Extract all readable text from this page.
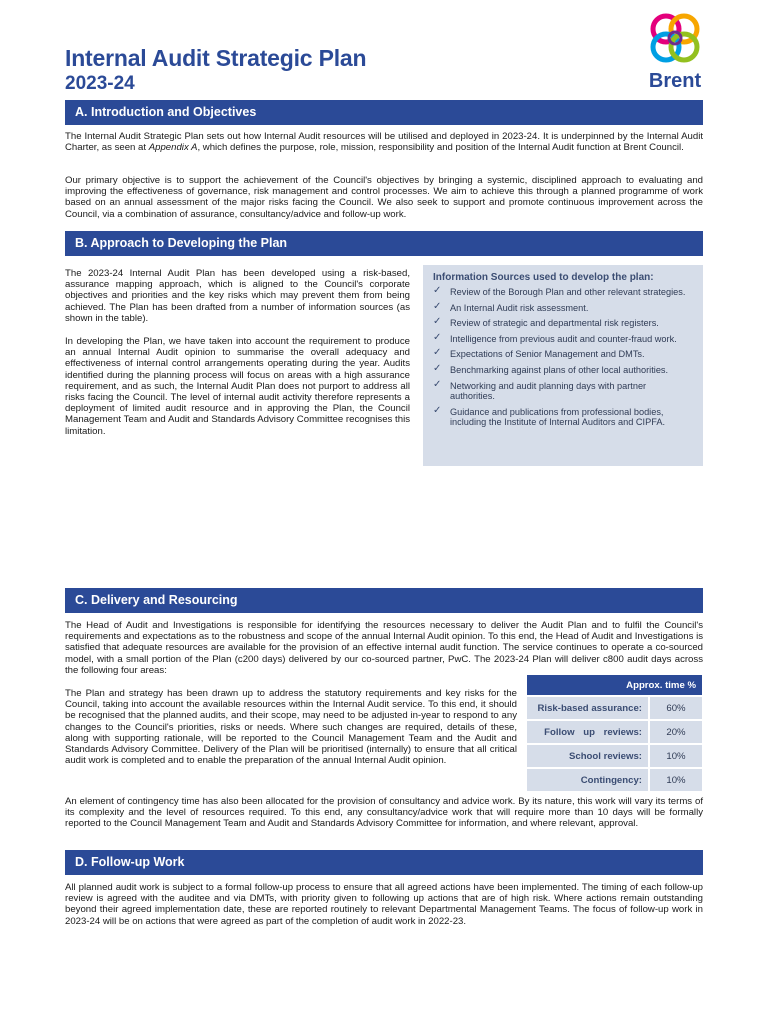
Internal Audit Strategic Plan
2023-24	Brent
A. Introduction and Objectives
The Internal Audit Strategic Plan sets out how Internal Audit resources will be utilised and deployed in 2023-24. It is underpinned by the Internal Audit Charter, as seen at Appendix A, which defines the purpose, role, mission, responsibility and position of the Internal Audit function at Brent Council.
Our primary objective is to support the achievement of the Council's objectives by bringing a systemic, disciplined approach to evaluating and improving the effectiveness of governance, risk management and control processes. We aim to achieve this through a planned programme of work based on an annual assessment of the major risks facing the Council. We also seek to support and promote continuous improvement across the Council, via a combination of assurance, consultancy/advice and follow-up work.
B. Approach to Developing the Plan
The 2023-24 Internal Audit Plan has been developed using a risk-based, assurance mapping approach, which is aligned to the Council's corporate objectives and priorities and the key risks which may prevent them from being achieved. The Plan has been drafted from a number of information sources (as shown in the table).
In developing the Plan, we have taken into account the requirement to produce an annual Internal Audit opinion to summarise the overall adequacy and effectiveness of internal control arrangements operating during the year. Audits identified during the planning process will focus on areas with a high assurance requirement, and as such, the Internal Audit Plan does not purport to address all risks facing the Council. The level of internal audit activity therefore represents a deployment of limited audit resource and in approving the Plan, the Council Management Team and Audit and Standards Advisory Committee recognises this limitation.
Information Sources used to develop the plan:
✓ Review of the Borough Plan and other relevant strategies.
✓ An Internal Audit risk assessment.
✓ Review of strategic and departmental risk registers.
✓ Intelligence from previous audit and counter-fraud work.
✓ Expectations of Senior Management and DMTs.
✓ Benchmarking against plans of other local authorities.
✓ Networking and audit planning days with partner authorities.
✓ Guidance and publications from professional bodies, including the Institute of Internal Auditors and CIPFA.
C. Delivery and Resourcing
The Head of Audit and Investigations is responsible for identifying the resources necessary to deliver the Audit Plan and to fulfil the Council's requirements and expectations as to the robustness and scope of the annual Internal Audit opinion. To this end, the Head of Audit and Investigations is satisfied that adequate resources are available for the provision of an effective internal audit function. The service continues to operate a co-sourced model, with a small portion of the Plan (c200 days) delivered by our co-sourced partner, PwC. The 2023-24 Plan will deliver c800 audit days across the following four areas:
The Plan and strategy has been drawn up to address the statutory requirements and key risks for the Council, taking into account the available resources within the Internal Audit service. To this end, it should be recognised that the planned audits, and their scope, may need to be adjusted in-year to respond to any changes to the Council's priorities, risks or needs. Where such changes are required, details of these, along with supporting rationale, will be reported to the Council Management Team and the Audit and Standards Advisory Committee. Delivery of the Plan will be prioritised (internally) to ensure that all critical audit work is completed and to enable the preparation of the annual Internal Audit opinion.
Approx. time %	
Risk-based assurance:	60%
Follow up reviews:	20%
School reviews:	10%
Contingency:	10%
An element of contingency time has also been allocated for the provision of consultancy and advice work. By its nature, this work will vary its terms of its complexity and the level of resources required. To this end, any consultancy/advice work that will require more than 10 days will be formally reported to the Council Management Team and Audit and Standards Advisory Committee for information, and where relevant, approval.
D. Follow-up Work
All planned audit work is subject to a formal follow-up process to ensure that all agreed actions have been implemented. The timing of each follow-up review is agreed with the auditee and via DMTs, with priority given to following up actions that are of high risk. Where actions remain outstanding beyond their agreed implementation date, these are reported routinely to relevant Departmental Management Teams. The focus of follow-up work in 2023-24 will be on actions that were agreed as part of the completion of audit work in 2022-23.
